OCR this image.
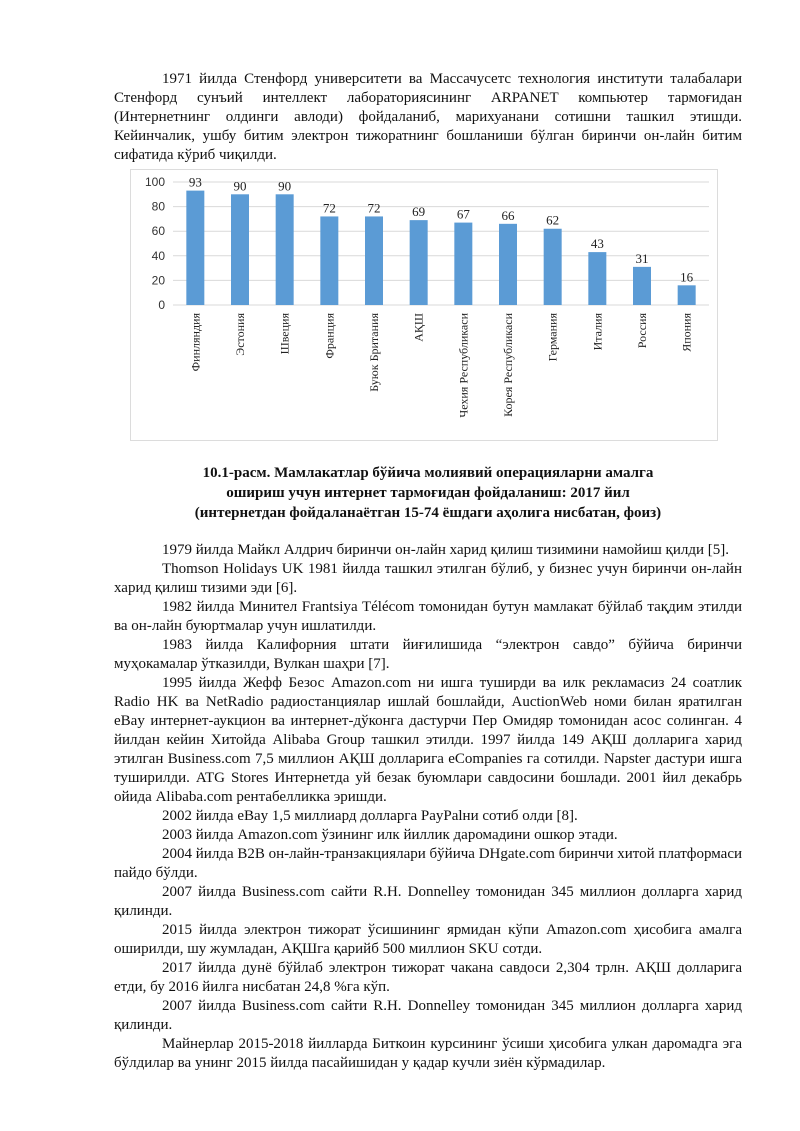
1971 йилда Стенфорд университети ва Массачусетс технология институти талабалари Стенфорд сунъий интеллект лабораториясининг ARPANET компьютер тармоғидан (Интернетнинг олдинги авлоди) фойдаланиб, марихуанани сотишни ташкил этишди. Кейинчалик, ушбу битим электрон тижоратнинг бошланиши бўлган биринчи он-лайн битим сифатида кўриб чиқилди.

0
20
40
60
80
100 93
Финляндия
90
Эстония
90
Швеция
72
Франция
72
Буюк Британия
69
АҚШ
67
Чехия Республикаси
66
Корея Республикаси
62
Германия
43
Италия
31
Россия
16
Япония
10.1-расм. Мамлакатлар бўйича молиявий операцияларни амалга
ошириш учун интернет тармоғидан фойдаланиш: 2017 йил
(интернетдан фойдаланаётган 15-74 ёшдаги аҳолига нисбатан, фоиз)

1979 йилда Майкл Алдрич биринчи он-лайн харид қилиш тизимини намойиш қилди [5].

Thomson Holidays UK 1981 йилда ташкил этилган бўлиб, у бизнес учун биринчи он-лайн харид қилиш тизими эди [6].

1982 йилда Минител Frantsiya Télécom томонидан бутун мамлакат бўйлаб тақдим этилди ва он-лайн буюртмалар учун ишлатилди.

1983 йилда Калифорния штати йиғилишида “электрон савдо” бўйича биринчи муҳокамалар ўтказилди, Вулкан шаҳри [7].

1995 йилда Жефф Безос Amazon.com ни ишга туширди ва илк рекламасиз 24 соатлик Radio HK ва NetRadio радиостанциялар ишлай бошлайди, AuctionWeb номи билан яратилган eBay интернет-аукцион ва интернет-дўконга дастурчи Пер Омидяр томонидан асос солинган. 4 йилдан кейин Хитойда Alibaba Group ташкил этилди. 1997 йилда 149 АҚШ долларига харид этилган Business.com 7,5 миллион АҚШ долларига eCompanies га сотилди. Napster дастури ишга туширилди. ATG Stores Интернетда уй безак буюмлари савдосини бошлади. 2001 йил декабрь ойида Alibaba.com рентабелликка эришди.

2002 йилда eBay 1,5 миллиард долларга PayPalни сотиб олди [8].

2003 йилда Amazon.com ўзининг илк йиллик даромадини ошкор этади.

2004 йилда B2B он-лайн-транзакциялари бўйича DHgate.com биринчи хитой платформаси пайдо бўлди.

2007 йилда Business.com сайти R.H. Donnelley томонидан 345 миллион долларга харид қилинди.

2015 йилда электрон тижорат ўсишининг ярмидан кўпи Amazon.com ҳисобига амалга оширилди, шу жумладан, АҚШга қарийб 500 миллион SKU сотди.

2017 йилда дунё бўйлаб электрон тижорат чакана савдоси 2,304 трлн. АҚШ долларига етди, бу 2016 йилга нисбатан 24,8 %га кўп.

2007 йилда Business.com сайти R.H. Donnelley томонидан 345 миллион долларга харид қилинди.

Майнерлар 2015-2018 йилларда Биткоин курсининг ўсиши ҳисобига улкан даромадга эга бўлдилар ва унинг 2015 йилда пасайишидан у қадар кучли зиён кўрмадилар.
